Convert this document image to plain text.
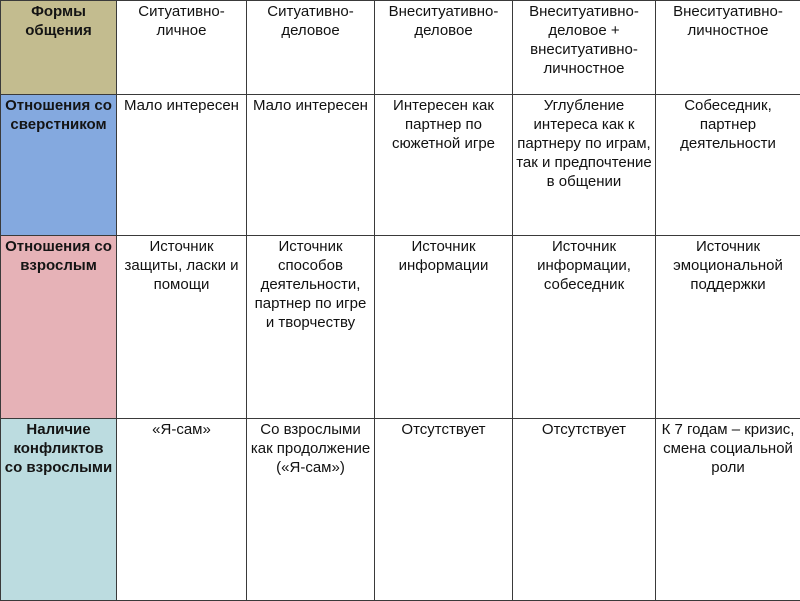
Формы общения	Ситуативно-личное	Ситуативно-деловое	Внеситуативно-деловое	Внеситуативно-деловое + внеситуативно-личностное	Внеситуативно-личностное

Отношения со сверстником	Мало интересен	Мало интересен	Интересен как партнер по сюжетной игре	Углубление интереса как к партнеру по играм, так и предпочтение в общении	Собеседник, партнер деятельности

Отношения со взрослым	Источник защиты, ласки и помощи	Источник способов деятельности, партнер по игре и творчеству	Источник информации	Источник информации, собеседник	Источник эмоциональной поддержки

Наличие конфликтов со взрослыми	«Я-сам»	Со взрослыми как продолжение («Я-сам»)	Отсутствует	Отсутствует	К 7 годам – кризис, смена социальной роли
